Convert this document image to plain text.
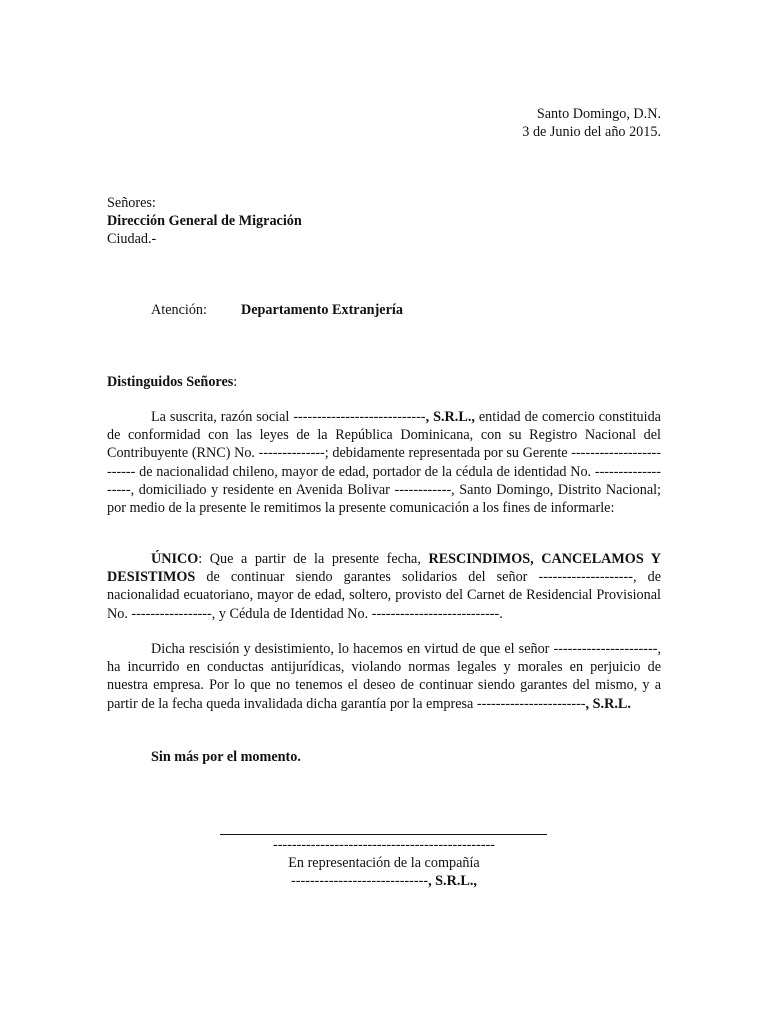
Santo Domingo, D.N.
3 de Junio del año 2015.
Señores:
Dirección General de Migración
Ciudad.-
Atención: Departamento Extranjería
Distinguidos Señores:
La suscrita, razón social ----------------------------, S.R.L., entidad de comercio constituida de conformidad con las leyes de la República Dominicana, con su Registro Nacional del Contribuyente (RNC) No. --------------; debidamente representada por su Gerente ------------------------- de nacionalidad chileno, mayor de edad, portador de la cédula de identidad No. -------------------, domiciliado y residente en Avenida Bolivar ------------, Santo Domingo, Distrito Nacional; por medio de la presente le remitimos la presente comunicación a los fines de informarle:
ÚNICO: Que a partir de la presente fecha, RESCINDIMOS, CANCELAMOS Y DESISTIMOS de continuar siendo garantes solidarios del señor --------------------, de nacionalidad ecuatoriano, mayor de edad, soltero, provisto del Carnet de Residencial Provisional No. -----------------, y Cédula de Identidad No. ---------------------------.
Dicha rescisión y desistimiento, lo hacemos en virtud de que el señor ----------------------, ha incurrido en conductas antijurídicas, violando normas legales y morales en perjuicio de nuestra empresa. Por lo que no tenemos el deseo de continuar siendo garantes del mismo, y a partir de la fecha queda invalidada dicha garantía por la empresa -----------------------, S.R.L.
Sin más por el momento.
-----------------------------------------------
En representación de la compañía
-----------------------------, S.R.L.,
